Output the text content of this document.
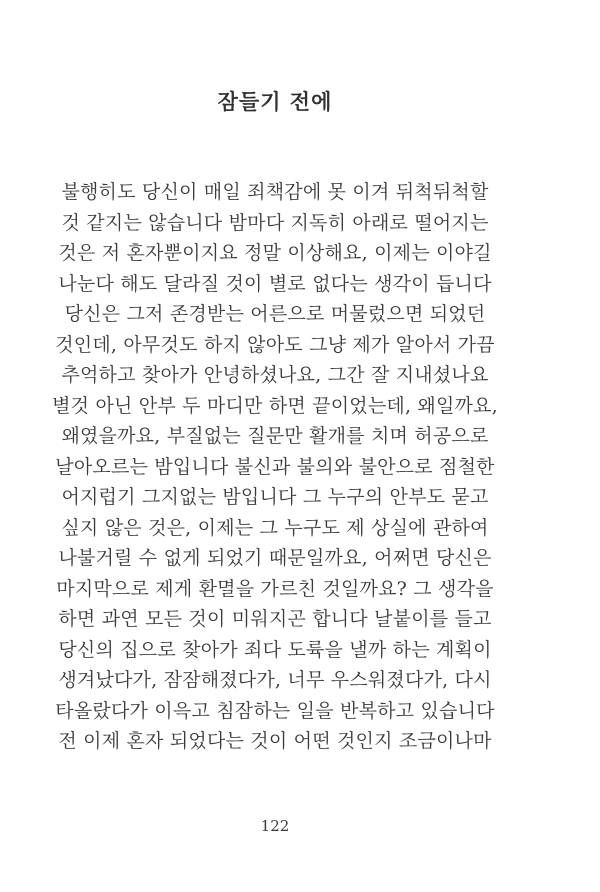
잠들기 전에
불행히도 당신이 매일 죄책감에 못 이겨 뒤척뒤척할
것 같지는 않습니다 밤마다 지독히 아래로 떨어지는
것은 저 혼자뿐이지요 정말 이상해요, 이제는 이야길
나눈다 해도 달라질 것이 별로 없다는 생각이 듭니다
당신은 그저 존경받는 어른으로 머물렀으면 되었던
것인데, 아무것도 하지 않아도 그냥 제가 알아서 가끔
추억하고 찾아가 안녕하셨나요, 그간 잘 지내셨나요
별것 아닌 안부 두 마디만 하면 끝이었는데, 왜일까요,
왜였을까요, 부질없는 질문만 활개를 치며 허공으로
날아오르는 밤입니다 불신과 불의와 불안으로 점철한
어지럽기 그지없는 밤입니다 그 누구의 안부도 묻고
싶지 않은 것은, 이제는 그 누구도 제 상실에 관하여
나불거릴 수 없게 되었기 때문일까요, 어쩌면 당신은
마지막으로 제게 환멸을 가르친 것일까요? 그 생각을
하면 과연 모든 것이 미워지곤 합니다 날붙이를 들고
당신의 집으로 찾아가 죄다 도륙을 낼까 하는 계획이
생겨났다가, 잠잠해졌다가, 너무 우스워졌다가, 다시
타올랐다가 이윽고 침잠하는 일을 반복하고 있습니다
전 이제 혼자 되었다는 것이 어떤 것인지 조금이나마
122
